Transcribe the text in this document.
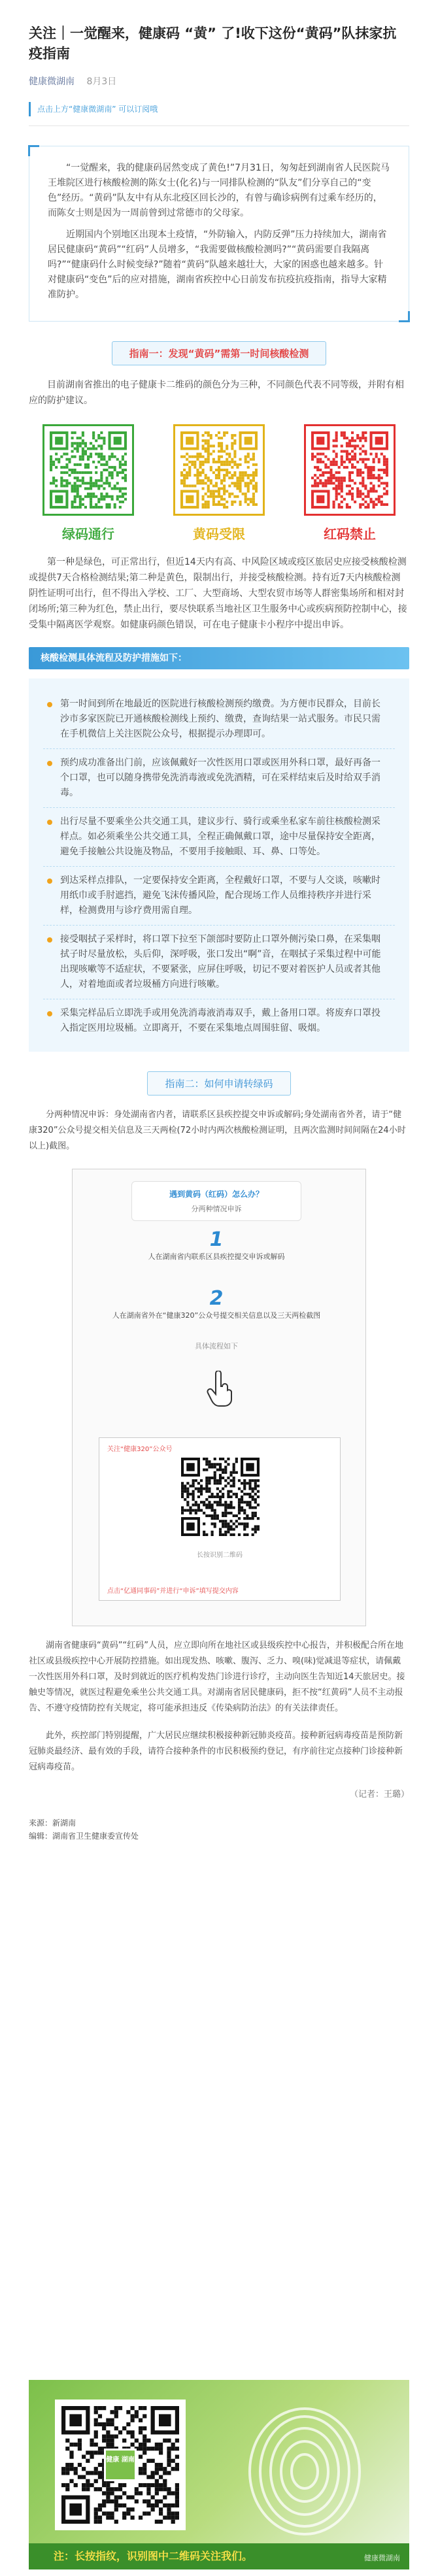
关注｜一觉醒来，健康码 “黄” 了!收下这份“黄码”队抹家抗疫指南
健康微湖南 8月3日
点击上方“健康微湖南” 可以订阅哦

“一觉醒来，我的健康码居然变成了黄色!”7月31日，匆匆赶到湖南省人民医院马王堆院区进行核酸检测的陈女士(化名)与一同排队检测的“队友”们分享自己的“变色”经历。“黄码”队友中有从东北疫区回长沙的，有曾与确诊病例有过乘车经历的，而陈女士则是因为一周前曾到过常德市的父母家。

近期国内个别地区出现本土疫情，“外防输入，内防反弹”压力持续加大，湖南省居民健康码“黄码”“红码”人员增多，“我需要做核酸检测吗?”“黄码需要自我隔离吗?”“健康码什么时候变绿?”随着“黄码”队越来越壮大，大家的困惑也越来越多。针对健康码“变色”后的应对措施，湖南省疾控中心日前发布抗疫抗疫指南，指导大家精准防护。

指南一：发现“黄码”需第一时间核酸检测

目前湖南省推出的电子健康卡二维码的颜色分为三种，不同颜色代表不同等级，并附有相应的防护建议。

绿码通行	黄码受限	红码禁止

第一种是绿色，可正常出行，但近14天内有高、中风险区域或疫区旅居史应接受核酸检测或提供7天合格检测结果;第二种是黄色，限制出行，并接受核酸检测。持有近7天内核酸检测阴性证明可出行，但不得出入学校、工厂、大型商场、大型农贸市场等人群密集场所和相对封闭场所;第三种为红色，禁止出行，要尽快联系当地社区卫生服务中心或疾病预防控制中心，接受集中隔离医学观察。如健康码颜色错误，可在电子健康卡小程序中提出申诉。

核酸检测具体流程及防护措施如下：
第一时间到所在地最近的医院进行核酸检测预约缴费。为方便市民群众，目前长沙市多家医院已开通核酸检测线上预约、缴费，查询结果一站式服务。市民只需在手机微信上关注医院公众号，根据提示办理即可。
预约成功准备出门前，应该佩戴好一次性医用口罩或医用外科口罩，最好再备一个口罩，也可以随身携带免洗消毒液或免洗酒精，可在采样结束后及时给双手消毒。
出行尽量不要乘坐公共交通工具，建议步行、骑行或乘坐私家车前往核酸检测采样点。如必须乘坐公共交通工具，全程正确佩戴口罩，途中尽量保持安全距离，避免手接触公共设施及物品，不要用手接触眼、耳、鼻、口等处。
到达采样点排队，一定要保持安全距离，全程戴好口罩，不要与人交谈，咳嗽时用纸巾或手肘遮挡，避免飞沫传播风险，配合现场工作人员维持秩序并进行采样，检测费用与诊疗费用需自理。
接受咽拭子采样时，将口罩下拉至下颌部时要防止口罩外侧污染口鼻，在采集咽拭子时尽量放松，头后仰，深呼吸，张口发出“啊”音，在咽拭子采集过程中可能出现咳嗽等不适症状，不要紧张，应屏住呼吸，切记不要对着医护人员或者其他人，对着地面或者垃圾桶方向进行咳嗽。
采集完样品后立即洗手或用免洗消毒液消毒双手，戴上备用口罩。将废弃口罩投入指定医用垃圾桶。立即离开，不要在采集地点周围驻留、吸烟。
指南二：如何申请转绿码

分两种情况申诉：身处湖南省内者，请联系区县疾控提交申诉或解码;身处湖南省外者，请于“健康320”公众号提交相关信息及三天两检(72小时内两次核酸检测证明，且两次监测时间间隔在24小时以上)截图。

遇到黄码（红码）怎么办？
分两种情况申诉
1
人在湖南省内联系区县疾控提交申诉或解码
2
人在湖南省外在“健康320”公众号提交相关信息以及三天两检截图
具体流程如下
关注“健康320”公众号
长按识别二维码
点击“亿通同事码”并进行“申诉”填写提交内容

湖南省健康码“黄码”“红码”人员，应立即向所在地社区或县级疾控中心报告，并积极配合所在地社区或县级疾控中心开展防控措施。如出现发热、咳嗽、腹泻、乏力、嗅(味)觉减退等症状，请佩戴一次性医用外科口罩，及时到就近的医疗机构发热门诊进行诊疗，主动向医生告知近14天旅居史。接触史等情况，就医过程避免乘坐公共交通工具。对湖南省居民健康码，拒不按“红黄码”人员不主动报告、不遵守疫情防控有关规定，将可能承担违反《传染病防治法》的有关法律责任。

此外，疾控部门特别提醒，广大居民应继续积极接种新冠肺炎疫苗。接种新冠病毒疫苗是预防新冠肺炎最经济、最有效的手段，请符合接种条件的市民积极预约登记，有序前往定点接种门诊接种新冠病毒疫苗。

（记者：王璐）
来源：新湖南
编辑：湖南省卫生健康委宣传处
健康 湖南
注：长按指纹，识别图中二维码关注我们。	健康微湖南
